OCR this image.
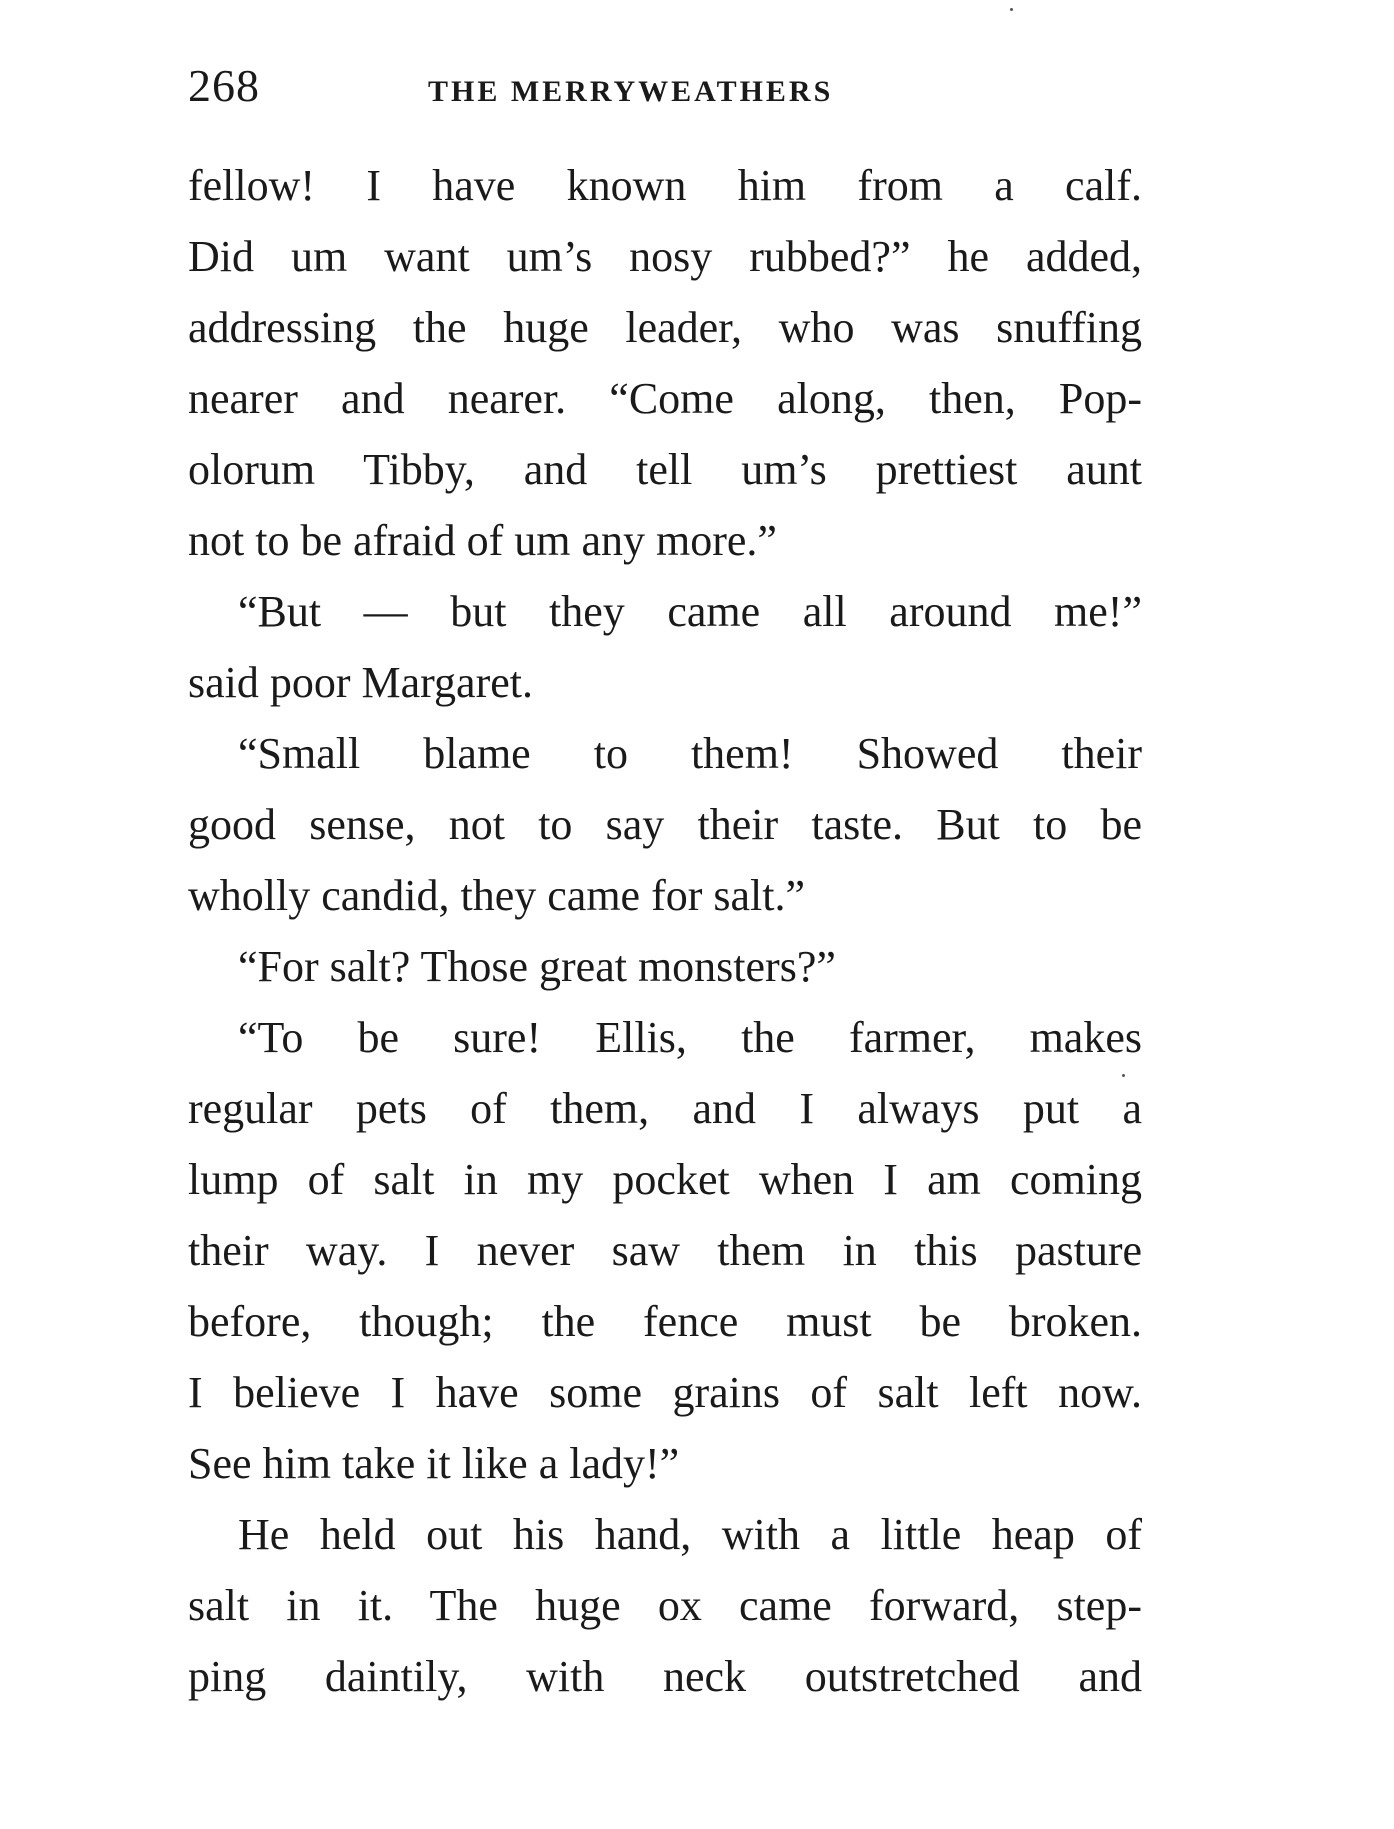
268	THE MERRYWEATHERS
fellow! I have known him from a calf.
Did um want um’s nosy rubbed?” he added,
addressing the huge leader, who was snuffing
nearer and nearer. “Come along, then, Pop-
olorum Tibby, and tell um’s prettiest aunt
not to be afraid of um any more.”
“But — but they came all around me!”
said poor Margaret.
“Small blame to them! Showed their
good sense, not to say their taste. But to be
wholly candid, they came for salt.”
“For salt? Those great monsters?”
“To be sure! Ellis, the farmer, makes
regular pets of them, and I always put a
lump of salt in my pocket when I am coming
their way. I never saw them in this pasture
before, though; the fence must be broken.
I believe I have some grains of salt left now.
See him take it like a lady!”
He held out his hand, with a little heap of
salt in it. The huge ox came forward, step-
ping daintily, with neck outstretched and
